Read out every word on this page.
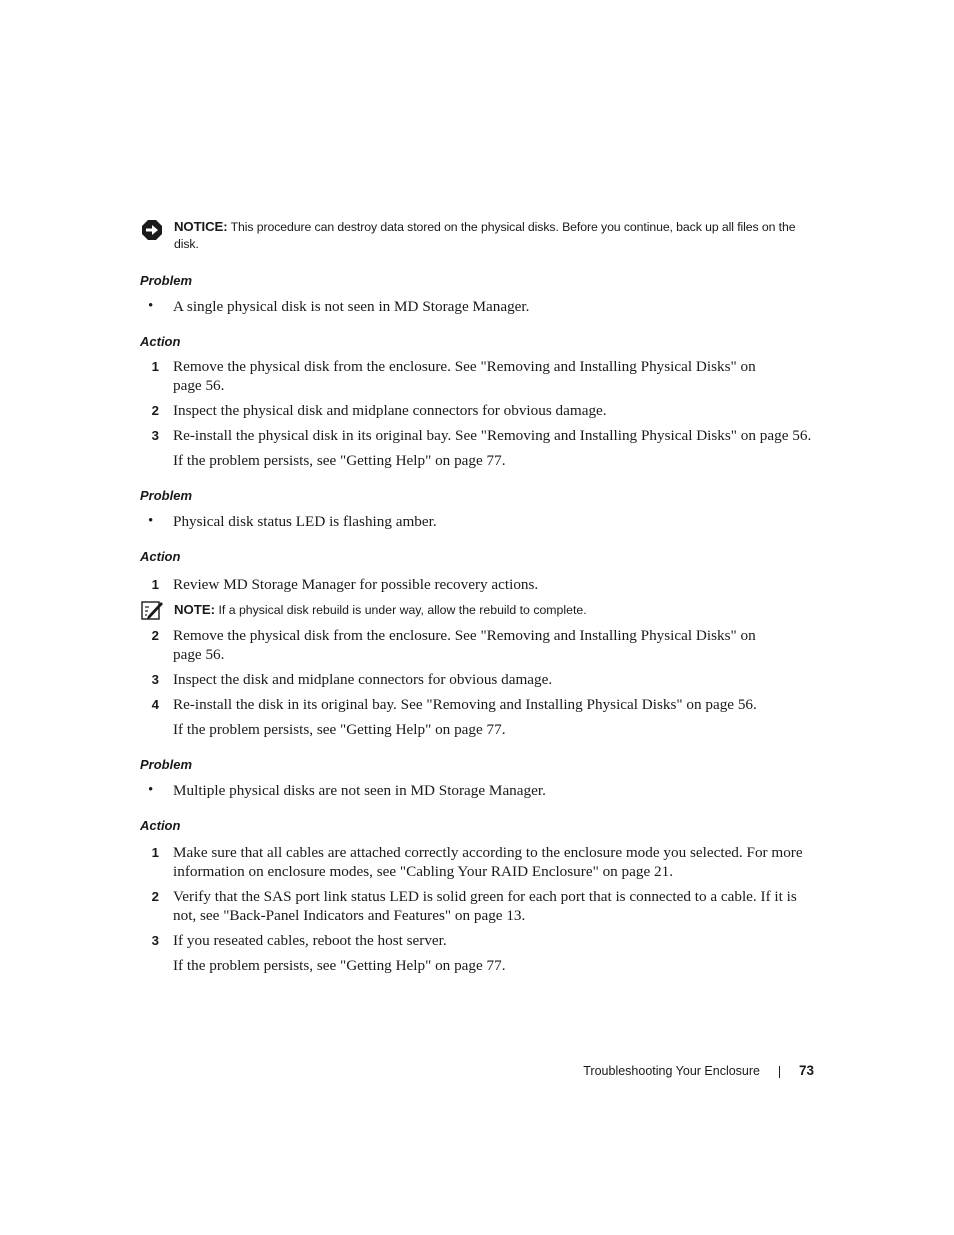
NOTICE: This procedure can destroy data stored on the physical disks. Before you continue, back up all files on the disk.
Problem
• A single physical disk is not seen in MD Storage Manager.
Action
1 Remove the physical disk from the enclosure. See "Removing and Installing Physical Disks" on page 56.
2 Inspect the physical disk and midplane connectors for obvious damage.
3 Re-install the physical disk in its original bay. See "Removing and Installing Physical Disks" on page 56.
If the problem persists, see "Getting Help" on page 77.
Problem
• Physical disk status LED is flashing amber.
Action
1 Review MD Storage Manager for possible recovery actions.
NOTE: If a physical disk rebuild is under way, allow the rebuild to complete.
2 Remove the physical disk from the enclosure. See "Removing and Installing Physical Disks" on page 56.
3 Inspect the disk and midplane connectors for obvious damage.
4 Re-install the disk in its original bay. See "Removing and Installing Physical Disks" on page 56.
If the problem persists, see "Getting Help" on page 77.
Problem
• Multiple physical disks are not seen in MD Storage Manager.
Action
1 Make sure that all cables are attached correctly according to the enclosure mode you selected. For more information on enclosure modes, see "Cabling Your RAID Enclosure" on page 21.
2 Verify that the SAS port link status LED is solid green for each port that is connected to a cable. If it is not, see "Back-Panel Indicators and Features" on page 13.
3 If you reseated cables, reboot the host server.
If the problem persists, see "Getting Help" on page 77.
Troubleshooting Your Enclosure	73
